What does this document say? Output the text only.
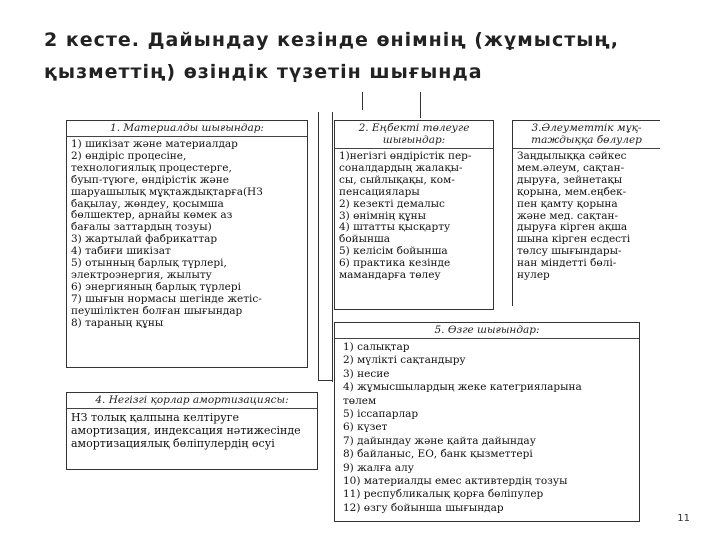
2 кесте. Дайындау кезінде өнімнің (жұмыстың, қызметтің) өзіндік түзетін шығында
1. Материалды шығындар:
1) шикізат және материалдар
2) өндіріс процесіне,
технологиялық процестерге,
буып-түюге, өндірістік және
шаруашылық мұқтаждықтарға(НЗ
бақылау, жөндеу, қосымша
бөлшектер, арнайы көмек аз
бағалы заттардың тозуы)
3) жартылай фабрикаттар
4) табиғи шикізат
5) отынның барлық түрлері,
электроэнергия, жылыту
6) энергияның барлық түрлері
7) шығын нормасы шегінде жетіс-
пеушіліктен болған шығындар
8) тараның құны
2. Еңбекті төлеуге
шығындар:
1)негізгі өндірістік пер-
соналдардың жалақы-
сы, сыйлықақы, ком-
пенсациялары
2) кезекті демалыс
3) өнімнің құны
4) штатты қысқарту
бойынша
5) келісім бойынша
6) практика кезінде
мамандарға төлеу
3.Әлеуметтік мұқ-
таждыққа бөлулер
Заңдылыққа сәйкес
мем.әлеум, сақтан-
дыруға, зейнетақы
қорына, мем.еңбек-
пен қамту қорына
және мед. сақтан-
дыруға кірген ақша
шына кірген есдесті
төлсу шығындары-
нан міндетті бөлі-
нулер
4. Негізгі қорлар амортизациясы:
НЗ толық қалпына келтіруге
амортизация, индексация нәтижесінде
амортизациялық бөліпулердің өсуі
5. Өзге шығындар:
1) салықтар
2) мүлікті сақтандыру
3) несие
4) жұмысшылардың жеке категрияларына
төлем
5) іссапарлар
6) күзет
7) дайындау және қайта дайындау
8) байланыс, ЕО, банк қызметтері
9) жалға алу
10) материалды емес активтердің тозуы
11) республикалық қорға бөліпулер
12) өзгу бойынша шығындар
11
